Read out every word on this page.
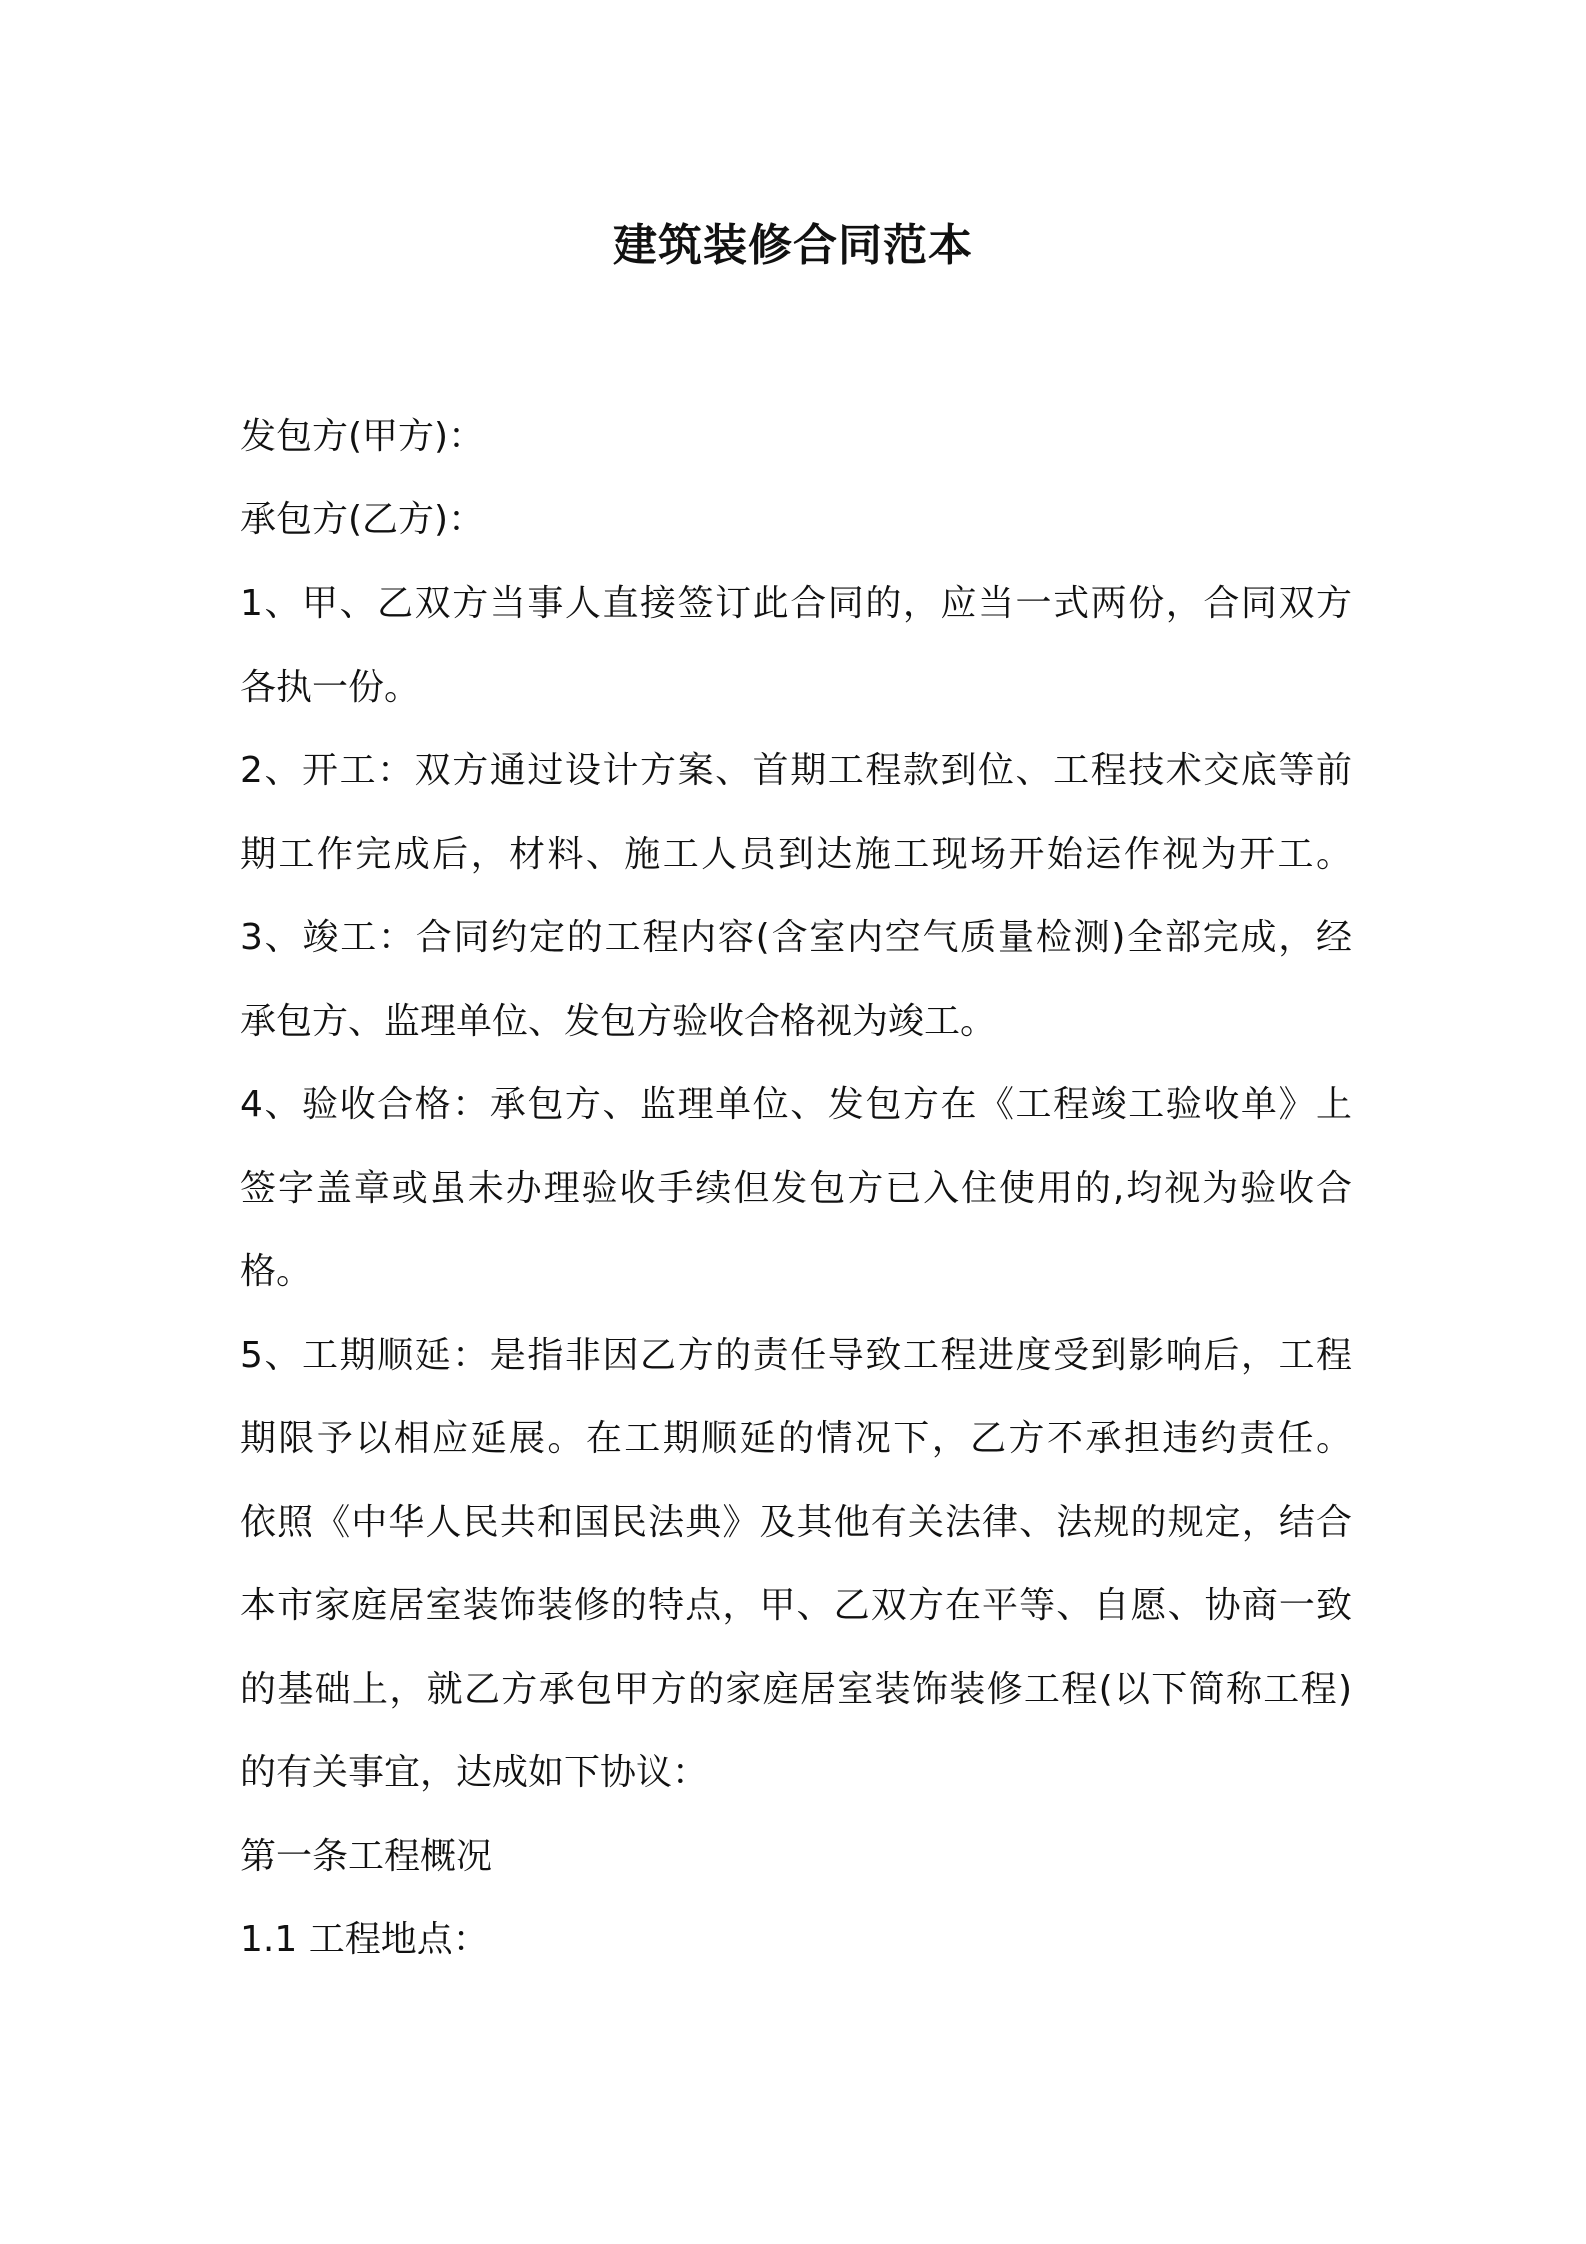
建筑装修合同范本
发包方(甲方)：
承包方(乙方)：
1、甲、乙双方当事人直接签订此合同的，应当一式两份，合同双方
各执一份。
2、开工：双方通过设计方案、首期工程款到位、工程技术交底等前
期工作完成后，材料、施工人员到达施工现场开始运作视为开工。
3、竣工：合同约定的工程内容(含室内空气质量检测)全部完成，经
承包方、监理单位、发包方验收合格视为竣工。
4、验收合格：承包方、监理单位、发包方在《工程竣工验收单》上
签字盖章或虽未办理验收手续但发包方已入住使用的,均视为验收合
格。
5、工期顺延：是指非因乙方的责任导致工程进度受到影响后，工程
期限予以相应延展。在工期顺延的情况下，乙方不承担违约责任。
依照《中华人民共和国民法典》及其他有关法律、法规的规定，结合
本市家庭居室装饰装修的特点，甲、乙双方在平等、自愿、协商一致
的基础上，就乙方承包甲方的家庭居室装饰装修工程(以下简称工程)
的有关事宜，达成如下协议：
第一条工程概况
1.1 工程地点：
